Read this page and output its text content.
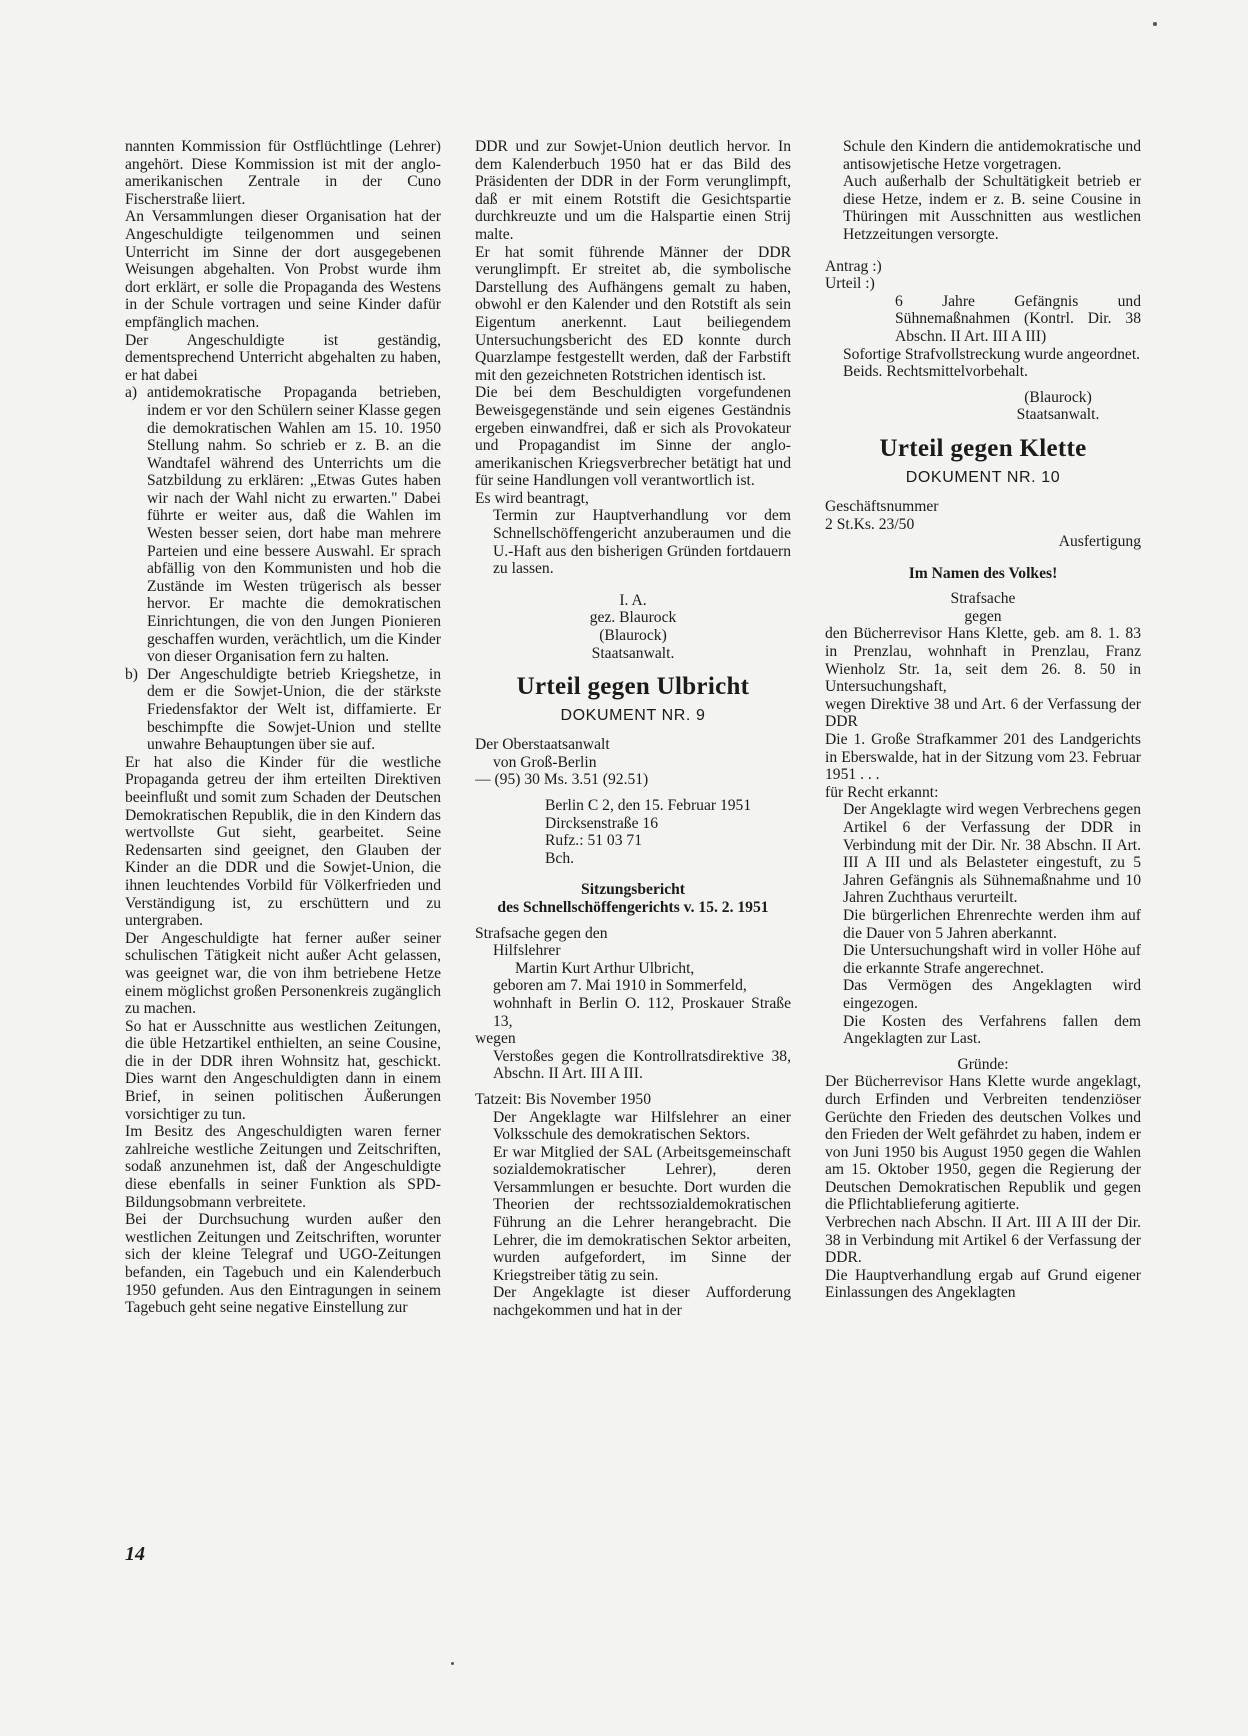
nannten Kommission für Ostflüchtlinge (Lehrer) angehört. Diese Kommission ist mit der anglo-amerikanischen Zentrale in der Cuno Fischerstraße liiert.

An Versammlungen dieser Organisation hat der Angeschuldigte teilgenommen und seinen Unterricht im Sinne der dort ausgegebenen Weisungen abgehalten. Von Probst wurde ihm dort erklärt, er solle die Propaganda des Westens in der Schule vortragen und seine Kinder dafür empfänglich machen.

Der Angeschuldigte ist geständig, dementsprechend Unterricht abgehalten zu haben, er hat dabei

a) antidemokratische Propaganda betrieben, indem er vor den Schülern seiner Klasse gegen die demokratischen Wahlen am 15. 10. 1950 Stellung nahm. So schrieb er z. B. an die Wandtafel während des Unterrichts um die Satzbildung zu erklären: „Etwas Gutes haben wir nach der Wahl nicht zu erwarten." Dabei führte er weiter aus, daß die Wahlen im Westen besser seien, dort habe man mehrere Parteien und eine bessere Auswahl. Er sprach abfällig von den Kommunisten und hob die Zustände im Westen trügerisch als besser hervor. Er machte die demokratischen Einrichtungen, die von den Jungen Pionieren geschaffen wurden, verächtlich, um die Kinder von dieser Organisation fern zu halten.
b) Der Angeschuldigte betrieb Kriegshetze, in dem er die Sowjet-Union, die der stärkste Friedensfaktor der Welt ist, diffamierte. Er beschimpfte die Sowjet-Union und stellte unwahre Behauptungen über sie auf.

Er hat also die Kinder für die westliche Propaganda getreu der ihm erteilten Direktiven beeinflußt und somit zum Schaden der Deutschen Demokratischen Republik, die in den Kindern das wertvollste Gut sieht, gearbeitet. Seine Redensarten sind geeignet, den Glauben der Kinder an die DDR und die Sowjet-Union, die ihnen leuchtendes Vorbild für Völkerfrieden und Verständigung ist, zu erschüttern und zu untergraben.

Der Angeschuldigte hat ferner außer seiner schulischen Tätigkeit nicht außer Acht gelassen, was geeignet war, die von ihm betriebene Hetze einem möglichst großen Personenkreis zugänglich zu machen.

So hat er Ausschnitte aus westlichen Zeitungen, die üble Hetzartikel enthielten, an seine Cousine, die in der DDR ihren Wohnsitz hat, geschickt. Dies warnt den Angeschuldigten dann in einem Brief, in seinen politischen Äußerungen vorsichtiger zu tun.

Im Besitz des Angeschuldigten waren ferner zahlreiche westliche Zeitungen und Zeitschriften, sodaß anzunehmen ist, daß der Angeschuldigte diese ebenfalls in seiner Funktion als SPD-Bildungsobmann verbreitete.

Bei der Durchsuchung wurden außer den westlichen Zeitungen und Zeitschriften, worunter sich der kleine Telegraf und UGO-Zeitungen befanden, ein Tagebuch und ein Kalenderbuch 1950 gefunden. Aus den Eintragungen in seinem Tagebuch geht seine negative Einstellung zur

DDR und zur Sowjet-Union deutlich hervor. In dem Kalenderbuch 1950 hat er das Bild des Präsidenten der DDR in der Form verunglimpft, daß er mit einem Rotstift die Gesichtspartie durchkreuzte und um die Halspartie einen Strij malte.

Er hat somit führende Männer der DDR verunglimpft. Er streitet ab, die symbolische Darstellung des Aufhängens gemalt zu haben, obwohl er den Kalender und den Rotstift als sein Eigentum anerkennt. Laut beiliegendem Untersuchungsbericht des ED konnte durch Quarzlampe festgestellt werden, daß der Farbstift mit den gezeichneten Rotstrichen identisch ist.

Die bei dem Beschuldigten vorgefundenen Beweisgegenstände und sein eigenes Geständnis ergeben einwandfrei, daß er sich als Provokateur und Propagandist im Sinne der anglo-amerikanischen Kriegsverbrecher betätigt hat und für seine Handlungen voll verantwortlich ist.

Es wird beantragt,

Termin zur Hauptverhandlung vor dem Schnellschöffengericht anzuberaumen und die U.-Haft aus den bisherigen Gründen fortdauern zu lassen.

I. A.

gez. Blaurock

(Blaurock)

Staatsanwalt.

Urteil gegen Ulbricht
DOKUMENT NR. 9

Der Oberstaatsanwalt

von Groß-Berlin

— (95) 30 Ms. 3.51 (92.51)

Berlin C 2, den 15. Februar 1951

Dircksenstraße 16

Rufz.: 51 03 71

Bch.

Sitzungsbericht

des Schnellschöffengerichts v. 15. 2. 1951

Strafsache gegen den

Hilfslehrer

Martin Kurt Arthur Ulbricht,

geboren am 7. Mai 1910 in Sommerfeld,

wohnhaft in Berlin O. 112, Proskauer Straße 13,

wegen

Verstoßes gegen die Kontrollratsdirektive 38, Abschn. II Art. III A III.

Tatzeit: Bis November 1950

Der Angeklagte war Hilfslehrer an einer Volksschule des demokratischen Sektors.

Er war Mitglied der SAL (Arbeitsgemeinschaft sozialdemokratischer Lehrer), deren Versammlungen er besuchte. Dort wurden die Theorien der rechtssozialdemokratischen Führung an die Lehrer herangebracht. Die Lehrer, die im demokratischen Sektor arbeiten, wurden aufgefordert, im Sinne der Kriegstreiber tätig zu sein.

Der Angeklagte ist dieser Aufforderung nachgekommen und hat in der

Schule den Kindern die antidemokratische und antisowjetische Hetze vorgetragen.

Auch außerhalb der Schultätigkeit betrieb er diese Hetze, indem er z. B. seine Cousine in Thüringen mit Ausschnitten aus westlichen Hetzzeitungen versorgte.

Antrag :)

Urteil :)

6 Jahre Gefängnis und Sühnemaßnahmen (Kontrl. Dir. 38 Abschn. II Art. III A III)

Sofortige Strafvollstreckung wurde angeordnet.

Beids. Rechtsmittelvorbehalt.

(Blaurock)

Staatsanwalt.

Urteil gegen Klette
DOKUMENT NR. 10

Geschäftsnummer

2 St.Ks. 23/50

Ausfertigung

Im Namen des Volkes!

Strafsache

gegen

den Bücherrevisor Hans Klette, geb. am 8. 1. 83 in Prenzlau, wohnhaft in Prenzlau, Franz Wienholz Str. 1a, seit dem 26. 8. 50 in Untersuchungshaft,

wegen Direktive 38 und Art. 6 der Verfassung der DDR

Die 1. Große Strafkammer 201 des Landgerichts in Eberswalde, hat in der Sitzung vom 23. Februar 1951 . . .

für Recht erkannt:

Der Angeklagte wird wegen Verbrechens gegen Artikel 6 der Verfassung der DDR in Verbindung mit der Dir. Nr. 38 Abschn. II Art. III A III und als Belasteter eingestuft, zu 5 Jahren Gefängnis als Sühnemaßnahme und 10 Jahren Zuchthaus verurteilt.

Die bürgerlichen Ehrenrechte werden ihm auf die Dauer von 5 Jahren aberkannt.

Die Untersuchungshaft wird in voller Höhe auf die erkannte Strafe angerechnet.

Das Vermögen des Angeklagten wird eingezogen.

Die Kosten des Verfahrens fallen dem Angeklagten zur Last.

Gründe:

Der Bücherrevisor Hans Klette wurde angeklagt, durch Erfinden und Verbreiten tendenziöser Gerüchte den Frieden des deutschen Volkes und den Frieden der Welt gefährdet zu haben, indem er von Juni 1950 bis August 1950 gegen die Wahlen am 15. Oktober 1950, gegen die Regierung der Deutschen Demokratischen Republik und gegen die Pflichtablieferung agitierte.

Verbrechen nach Abschn. II Art. III A III der Dir. 38 in Verbindung mit Artikel 6 der Verfassung der DDR.

Die Hauptverhandlung ergab auf Grund eigener Einlassungen des Angeklagten

14
